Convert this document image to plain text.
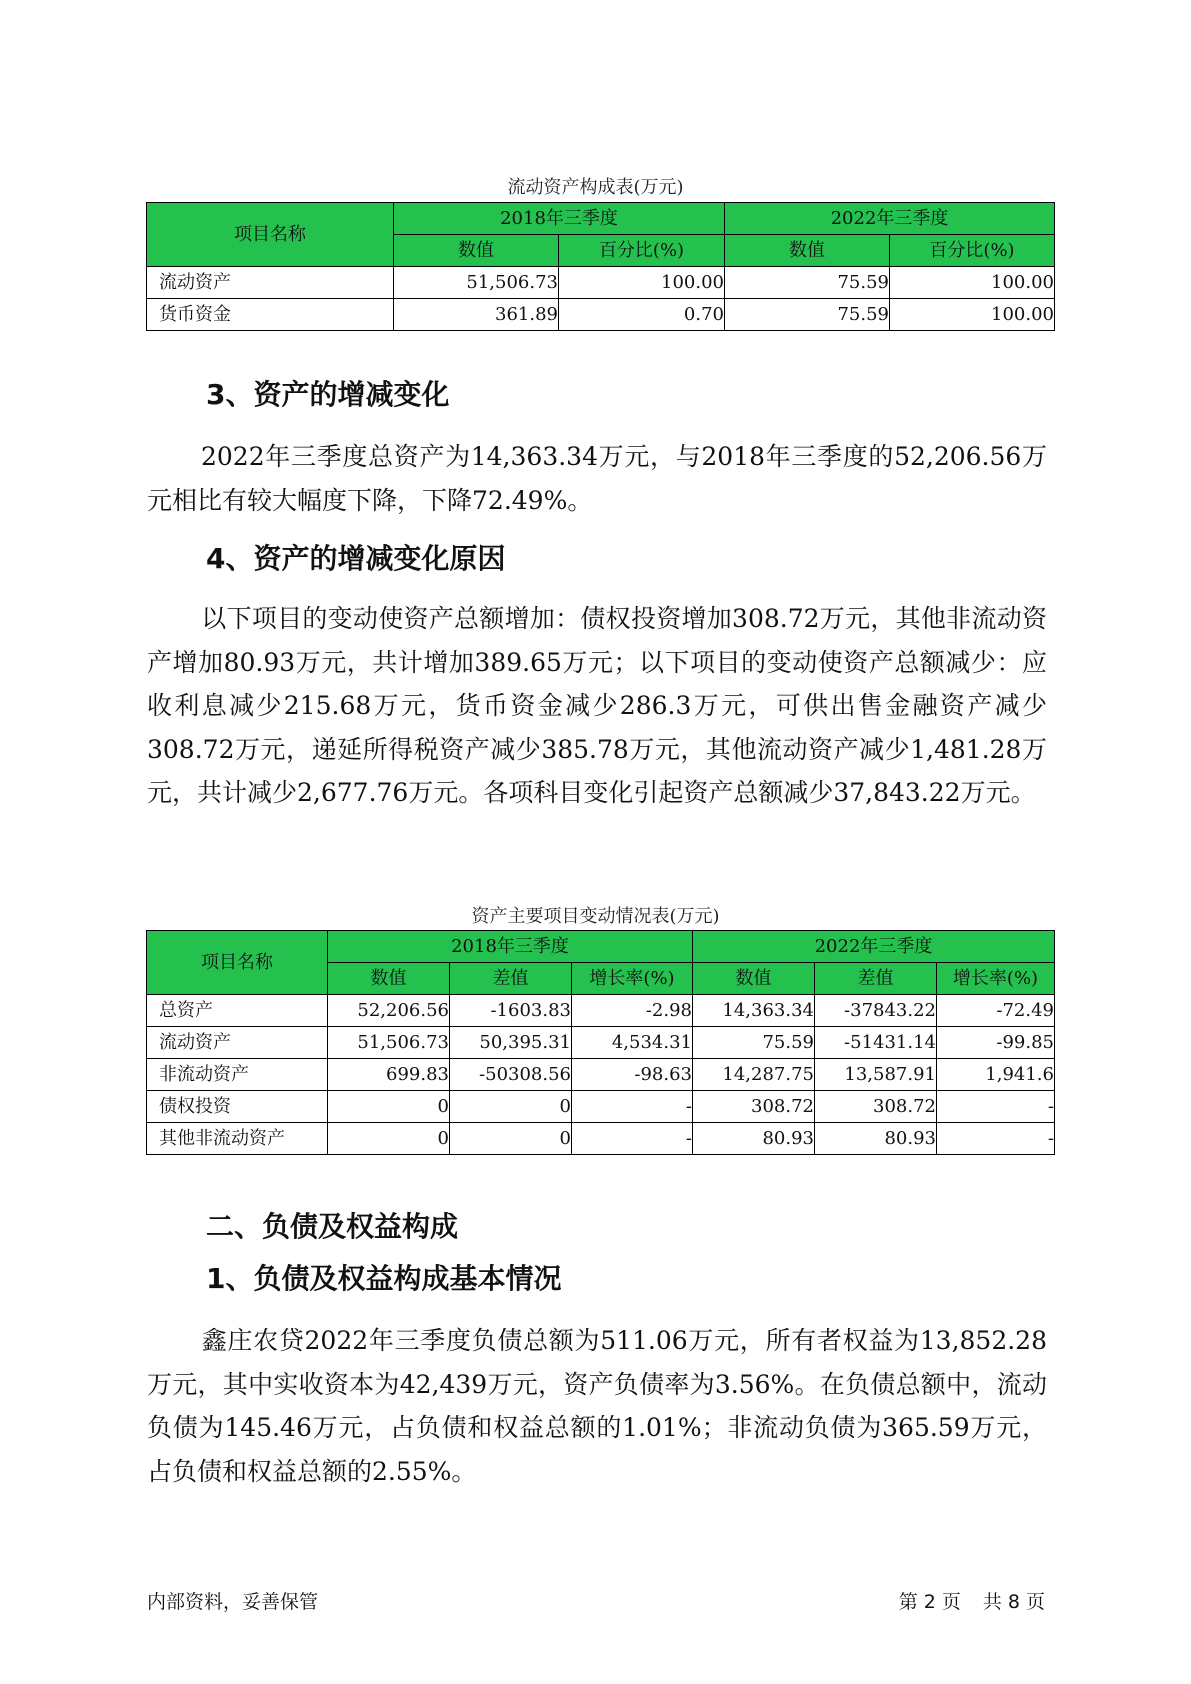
流动资产构成表(万元)
项目名称	2018年三季度		2022年三季度	
	数值	百分比(%)	数值	百分比(%)
流动资产	51,506.73	100.00	75.59	100.00
货币资金	361.89	0.70	75.59	100.00
3、资产的增减变化
2022年三季度总资产为14,363.34万元，与2018年三季度的52,206.56万元相比有较大幅度下降，下降72.49%。
4、资产的增减变化原因
以下项目的变动使资产总额增加：债权投资增加308.72万元，其他非流动资产增加80.93万元，共计增加389.65万元；以下项目的变动使资产总额减少：应收利息减少215.68万元，货币资金减少286.3万元，可供出售金融资产减少308.72万元，递延所得税资产减少385.78万元，其他流动资产减少1,481.28万元，共计减少2,677.76万元。各项科目变化引起资产总额减少37,843.22万元。
资产主要项目变动情况表(万元)
项目名称	2018年三季度			2022年三季度		
	数值	差值	增长率(%)	数值	差值	增长率(%)
总资产	52,206.56	-1603.83	-2.98	14,363.34	-37843.22	-72.49
流动资产	51,506.73	50,395.31	4,534.31	75.59	-51431.14	-99.85
非流动资产	699.83	-50308.56	-98.63	14,287.75	13,587.91	1,941.6
债权投资	0	0	-	308.72	308.72	-
其他非流动资产	0	0	-	80.93	80.93	-
二、负债及权益构成
1、负债及权益构成基本情况
鑫庄农贷2022年三季度负债总额为511.06万元，所有者权益为13,852.28万元，其中实收资本为42,439万元，资产负债率为3.56%。在负债总额中，流动负债为145.46万元，占负债和权益总额的1.01%；非流动负债为365.59万元，占负债和权益总额的2.55%。
内部资料，妥善保管	第 2 页 共 8 页
